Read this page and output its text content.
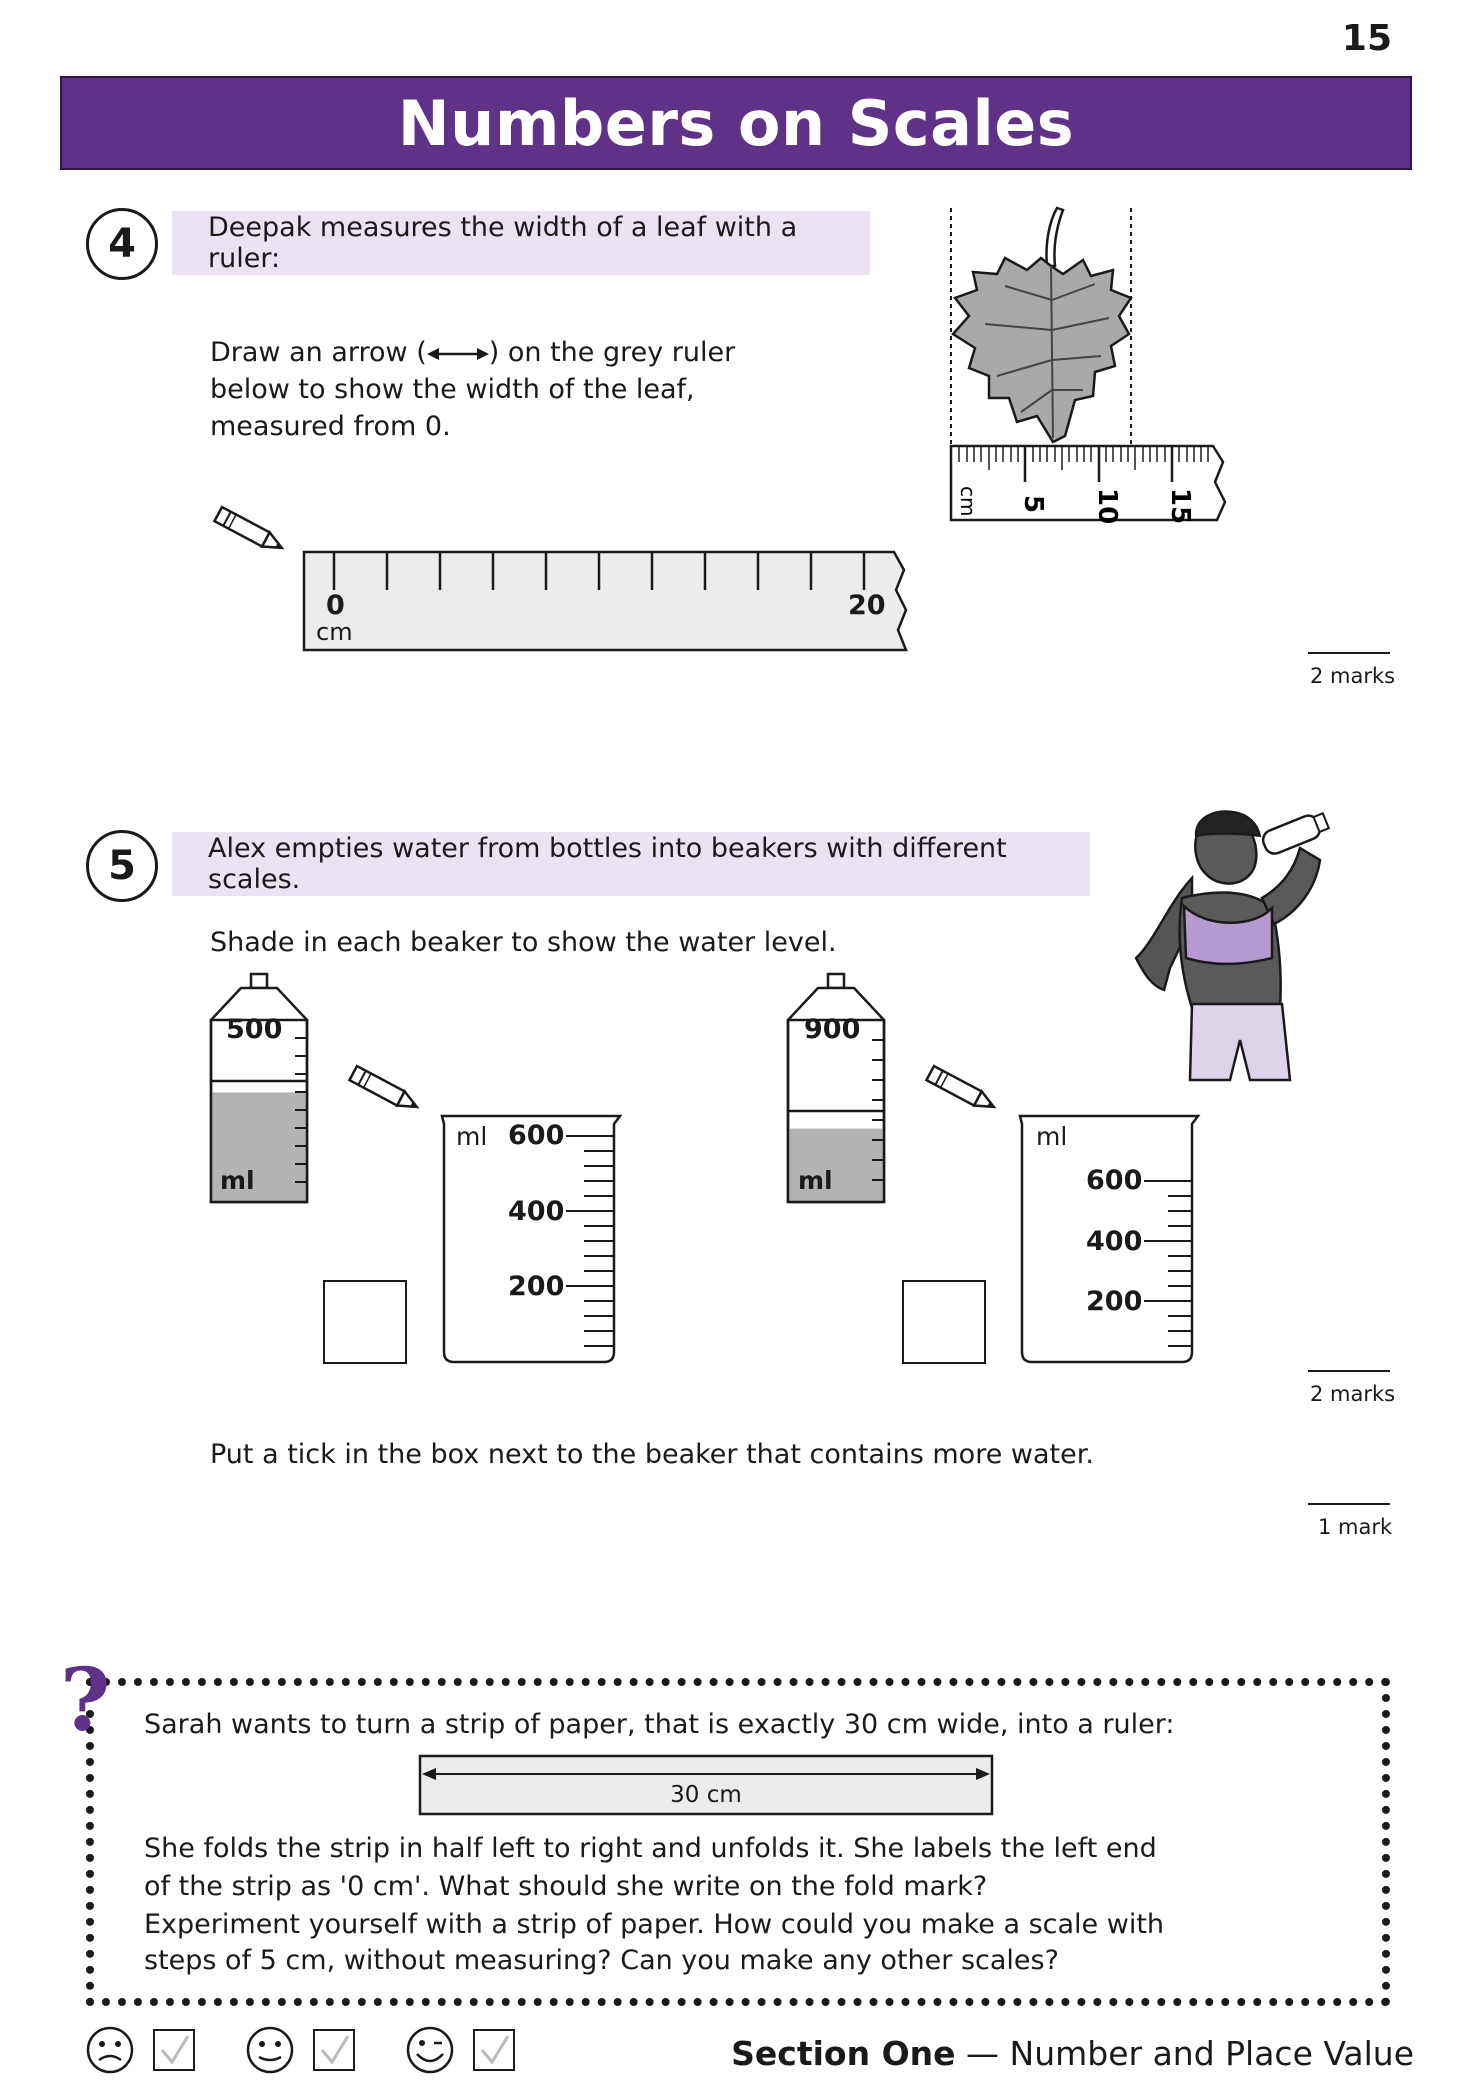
15
Numbers on Scales
4	Deepak measures the width of a leaf with a ruler:
Draw an arrow ( ) on the grey ruler
below to show the width of the leaf,
measured from 0.
0
cm
20
5 10 15
cm
2 marks
5	Alex empties water from bottles into beakers with different scales.
Shade in each beaker to show the water level.
500
ml
ml 600
400
200
900
ml
ml
600
400
200
2 marks
Put a tick in the box next to the beaker that contains more water.
1 mark
? Sarah wants to turn a strip of paper, that is exactly 30 cm wide, into a ruler:
30 cm
She folds the strip in half left to right and unfolds it. She labels the left end
of the strip as '0 cm'. What should she write on the fold mark?
Experiment yourself with a strip of paper. How could you make a scale with
steps of 5 cm, without measuring? Can you make any other scales?
Section One — Number and Place Value
